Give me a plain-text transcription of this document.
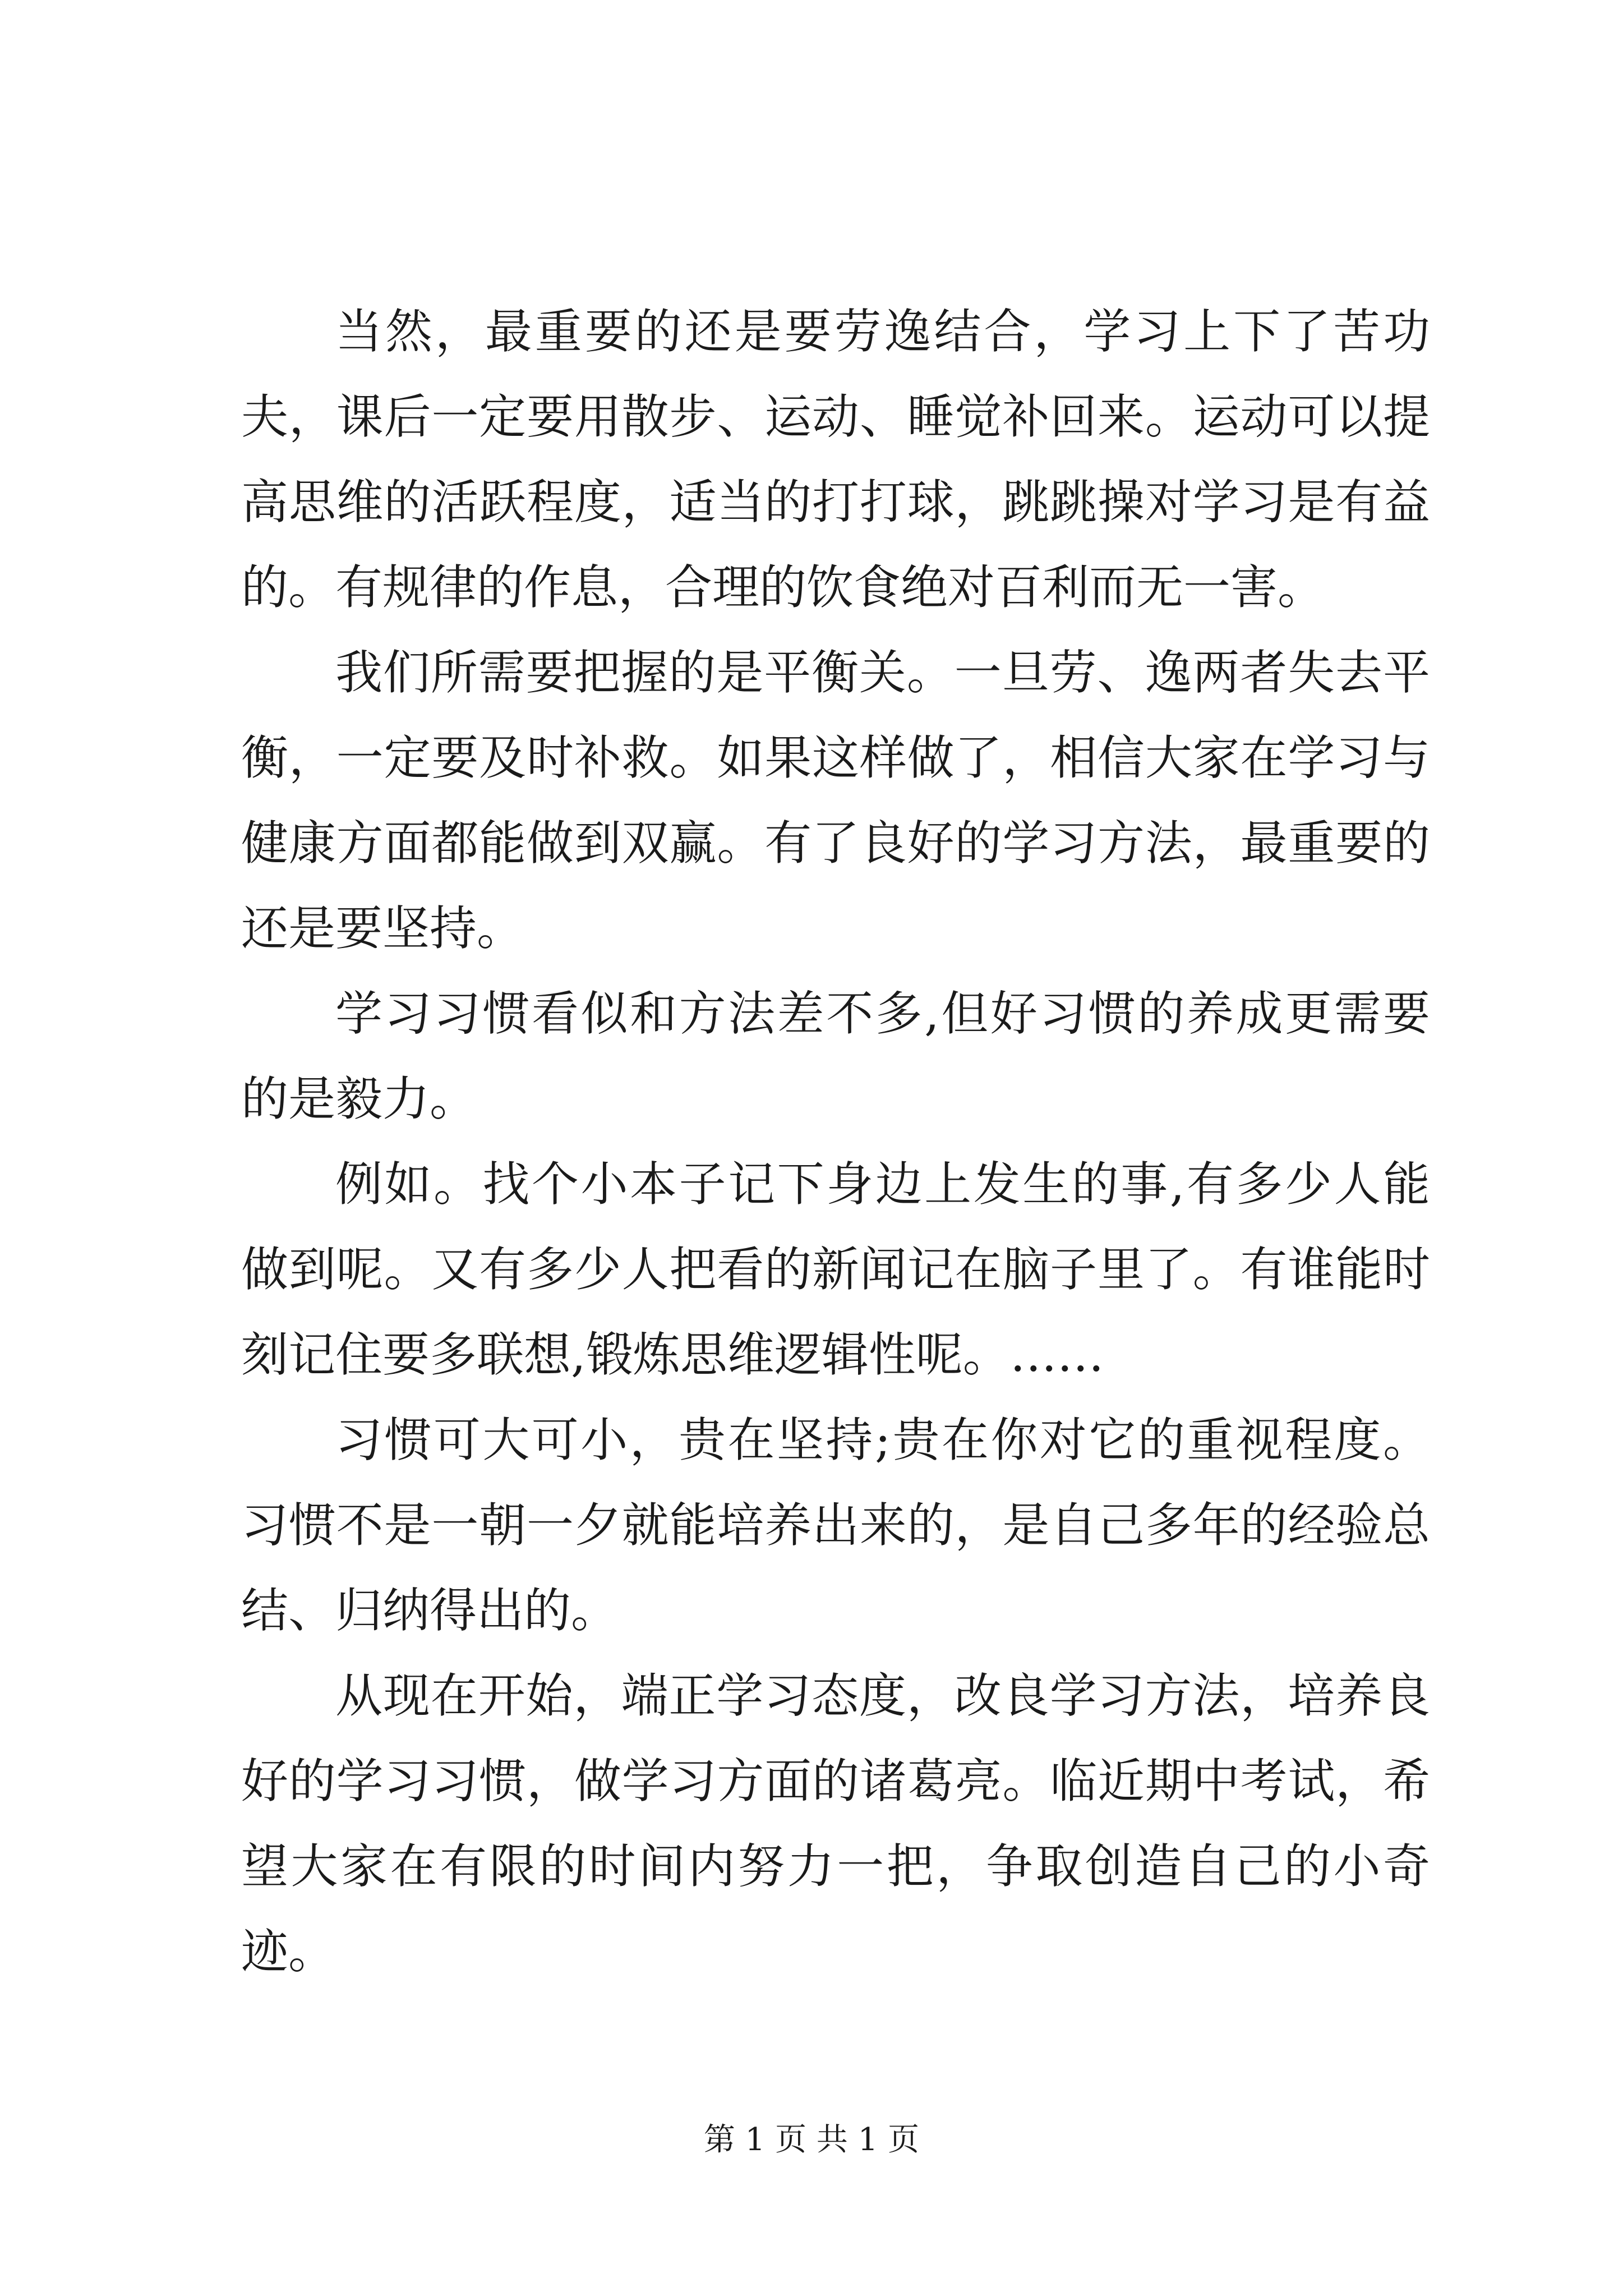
当然，最重要的还是要劳逸结合，学习上下了苦功夫，课后一定要用散步、运动、睡觉补回来。运动可以提高思维的活跃程度，适当的打打球，跳跳操对学习是有益的。有规律的作息，合理的饮食绝对百利而无一害。

我们所需要把握的是平衡关。一旦劳、逸两者失去平衡，一定要及时补救。如果这样做了，相信大家在学习与健康方面都能做到双赢。有了良好的学习方法，最重要的还是要坚持。

学习习惯看似和方法差不多,但好习惯的养成更需要的是毅力。

例如。找个小本子记下身边上发生的事,有多少人能做到呢。又有多少人把看的新闻记在脑子里了。有谁能时刻记住要多联想,锻炼思维逻辑性呢。……

习惯可大可小，贵在坚持;贵在你对它的重视程度。习惯不是一朝一夕就能培养出来的，是自己多年的经验总结、归纳得出的。

从现在开始，端正学习态度，改良学习方法，培养良好的学习习惯，做学习方面的诸葛亮。临近期中考试，希望大家在有限的时间内努力一把，争取创造自己的小奇迹。

第 1 页 共 1 页
